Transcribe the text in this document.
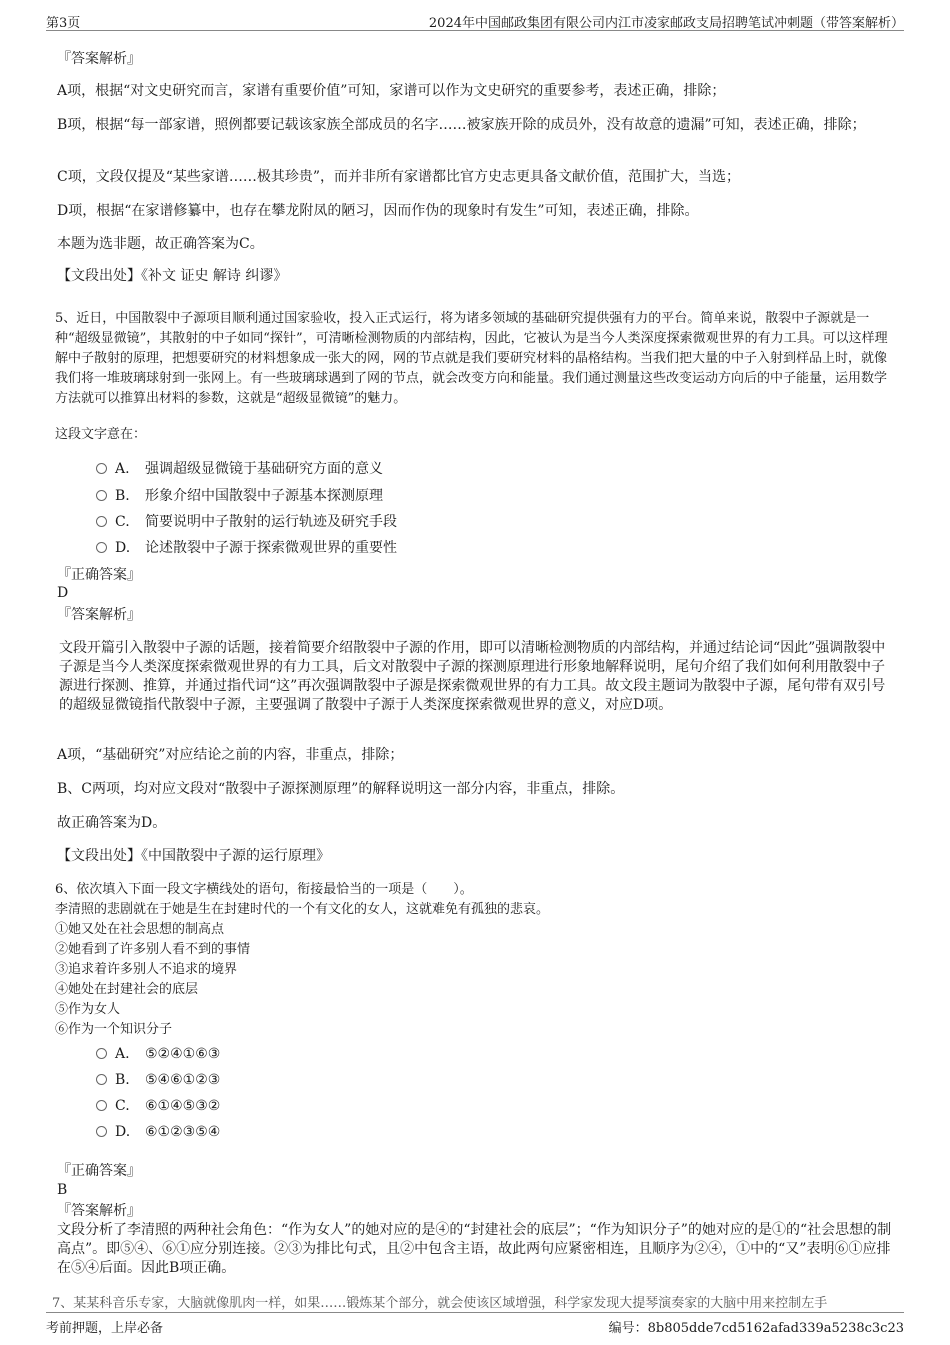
第3页	2024年中国邮政集团有限公司内江市凌家邮政支局招聘笔试冲刺题（带答案解析）
『答案解析』
A项，根据“对文史研究而言，家谱有重要价值”可知，家谱可以作为文史研究的重要参考，表述正确，排除；
B项，根据“每一部家谱，照例都要记载该家族全部成员的名字……被家族开除的成员外，没有故意的遗漏”可知，表述正确，排除；
C项，文段仅提及“某些家谱……极其珍贵”，而并非所有家谱都比官方史志更具备文献价值，范围扩大，当选；
D项，根据“在家谱修纂中，也存在攀龙附凤的陋习，因而作伪的现象时有发生”可知，表述正确，排除。
本题为选非题，故正确答案为C。
【文段出处】《补文 证史 解诗 纠谬》
5、近日，中国散裂中子源项目顺利通过国家验收，投入正式运行，将为诸多领域的基础研究提供强有力的平台。简单来说，散裂中子源就是一种“超级显微镜”，其散射的中子如同“探针”，可清晰检测物质的内部结构，因此，它被认为是当今人类深度探索微观世界的有力工具。可以这样理解中子散射的原理，把想要研究的材料想象成一张大的网，网的节点就是我们要研究材料的晶格结构。当我们把大量的中子入射到样品上时，就像我们将一堆玻璃球射到一张网上。有一些玻璃球遇到了网的节点，就会改变方向和能量。我们通过测量这些改变运动方向后的中子能量，运用数学方法就可以推算出材料的参数，这就是“超级显微镜”的魅力。
这段文字意在：
A. 强调超级显微镜于基础研究方面的意义
B. 形象介绍中国散裂中子源基本探测原理
C. 简要说明中子散射的运行轨迹及研究手段
D. 论述散裂中子源于探索微观世界的重要性
『正确答案』
D
『答案解析』
文段开篇引入散裂中子源的话题，接着简要介绍散裂中子源的作用，即可以清晰检测物质的内部结构，并通过结论词“因此”强调散裂中子源是当今人类深度探索微观世界的有力工具，后文对散裂中子源的探测原理进行形象地解释说明，尾句介绍了我们如何利用散裂中子源进行探测、推算，并通过指代词“这”再次强调散裂中子源是探索微观世界的有力工具。故文段主题词为散裂中子源，尾句带有双引号的超级显微镜指代散裂中子源，主要强调了散裂中子源于人类深度探索微观世界的意义，对应D项。
A项，“基础研究”对应结论之前的内容，非重点，排除；
B、C两项，均对应文段对“散裂中子源探测原理”的解释说明这一部分内容，非重点，排除。
故正确答案为D。
【文段出处】《中国散裂中子源的运行原理》
6、依次填入下面一段文字横线处的语句，衔接最恰当的一项是（　　）。
李清照的悲剧就在于她是生在封建时代的一个有文化的女人，这就难免有孤独的悲哀。
①她又处在社会思想的制高点
②她看到了许多别人看不到的事情
③追求着许多别人不追求的境界
④她处在封建社会的底层
⑤作为女人
⑥作为一个知识分子
A. ⑤②④①⑥③
B. ⑤④⑥①②③
C. ⑥①④⑤③②
D. ⑥①②③⑤④
『正确答案』
B
『答案解析』
文段分析了李清照的两种社会角色：“作为女人”的她对应的是④的“封建社会的底层”；“作为知识分子”的她对应的是①的“社会思想的制高点”。即⑤④、⑥①应分别连接。②③为排比句式，且②中包含主语，故此两句应紧密相连，且顺序为②④，①中的“又”表明⑥①应排在⑤④后面。因此B项正确。
7、某某科音乐专家，大脑就像肌肉一样，如果……锻炼某个部分，就会使该区域增强，科学家发现大提琴演奏家的大脑中用来控制左手
考前押题，上岸必备	编号：8b805dde7cd5162afad339a5238c3c23
